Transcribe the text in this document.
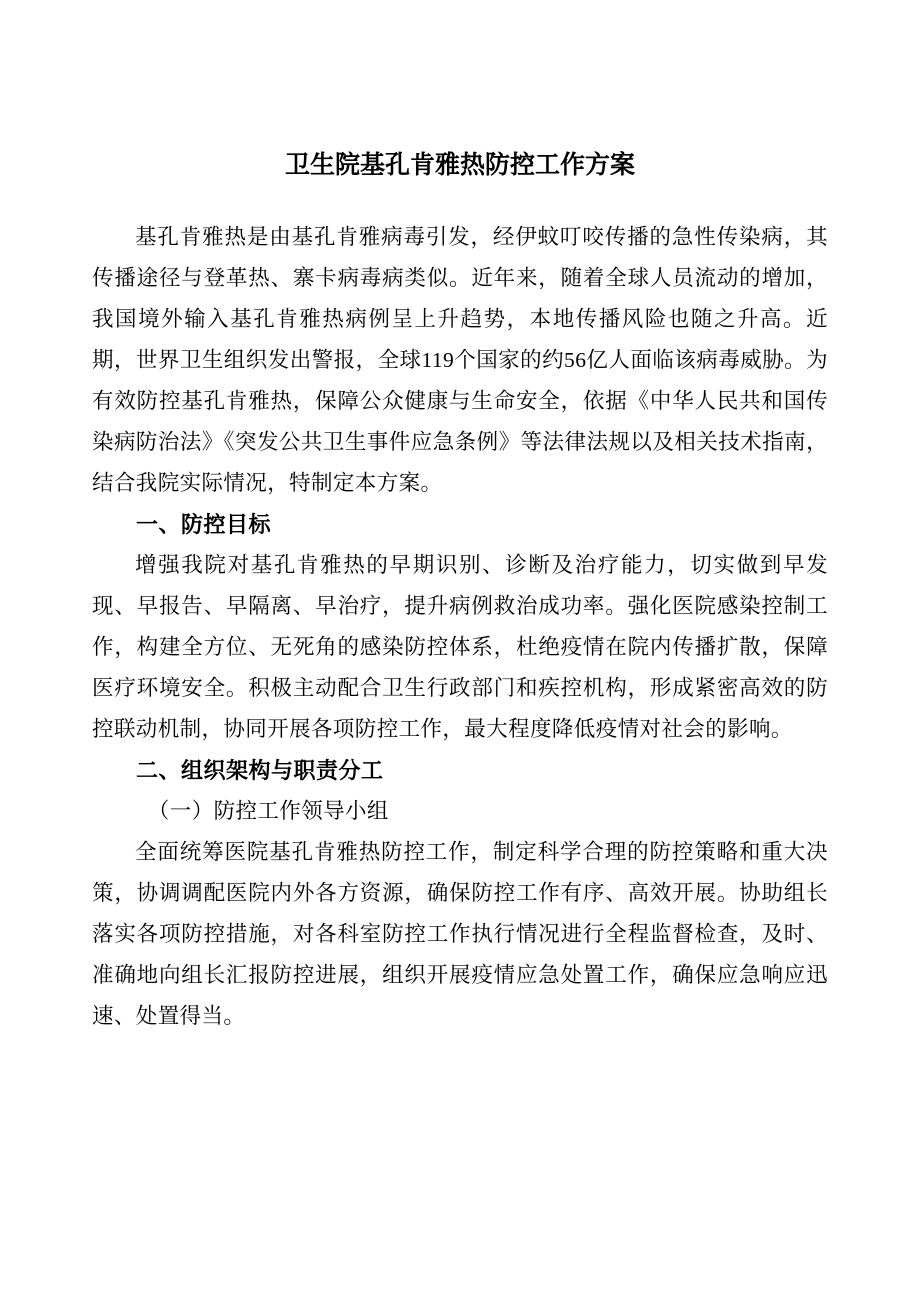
卫生院基孔肯雅热防控工作方案

基孔肯雅热是由基孔肯雅病毒引发，经伊蚊叮咬传播的急性传染病，其传播途径与登革热、寨卡病毒病类似。近年来，随着全球人员流动的增加，我国境外输入基孔肯雅热病例呈上升趋势，本地传播风险也随之升高。近期，世界卫生组织发出警报，全球119个国家的约56亿人面临该病毒威胁。为有效防控基孔肯雅热，保障公众健康与生命安全，依据《中华人民共和国传染病防治法》《突发公共卫生事件应急条例》等法律法规以及相关技术指南，结合我院实际情况，特制定本方案。

一、防控目标

增强我院对基孔肯雅热的早期识别、诊断及治疗能力，切实做到早发现、早报告、早隔离、早治疗，提升病例救治成功率。强化医院感染控制工作，构建全方位、无死角的感染防控体系，杜绝疫情在院内传播扩散，保障医疗环境安全。积极主动配合卫生行政部门和疾控机构，形成紧密高效的防控联动机制，协同开展各项防控工作，最大程度降低疫情对社会的影响。

二、组织架构与职责分工

（一）防控工作领导小组

全面统筹医院基孔肯雅热防控工作，制定科学合理的防控策略和重大决策，协调调配医院内外各方资源，确保防控工作有序、高效开展。协助组长落实各项防控措施，对各科室防控工作执行情况进行全程监督检查，及时、准确地向组长汇报防控进展，组织开展疫情应急处置工作，确保应急响应迅速、处置得当。
